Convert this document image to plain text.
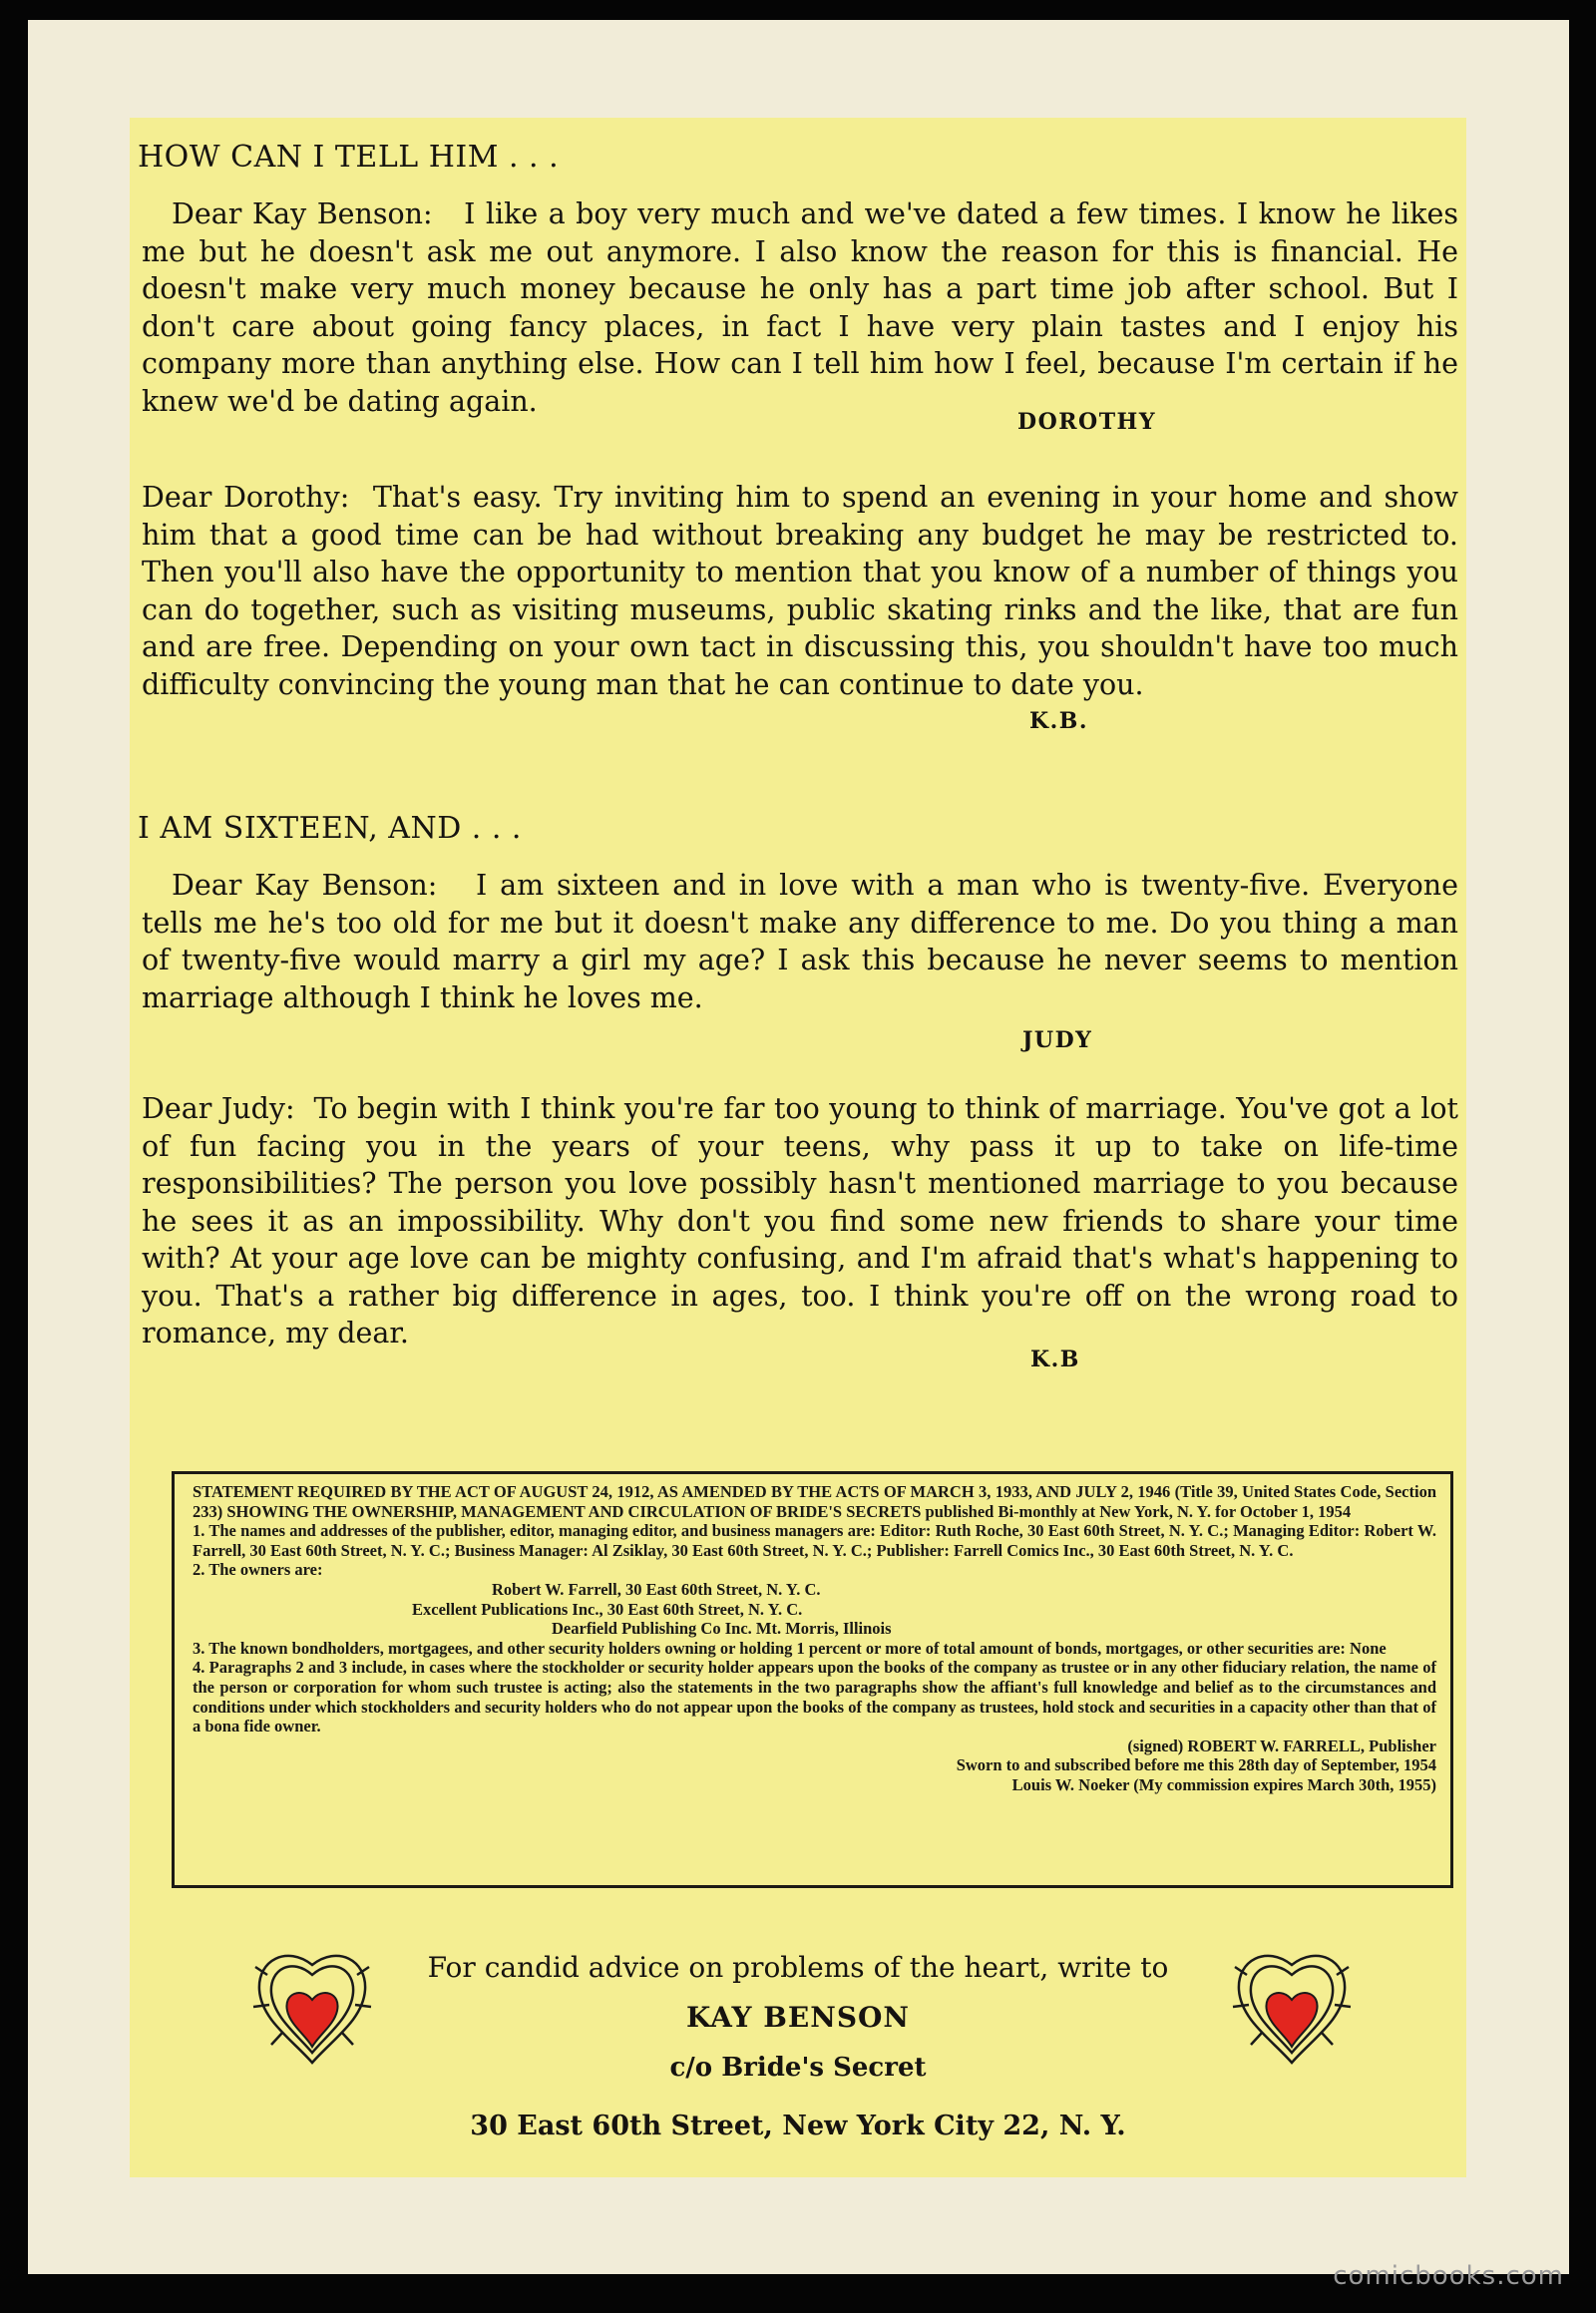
HOW CAN I TELL HIM . . .
Dear Kay Benson: I like a boy very much and we've dated a few times. I know he likes me but he doesn't ask me out anymore. I also know the reason for this is financial. He doesn't make very much money because he only has a part time job after school. But I don't care about going fancy places, in fact I have very plain tastes and I enjoy his company more than anything else. How can I tell him how I feel, because I'm certain if he knew we'd be dating again.
DOROTHY
Dear Dorothy: That's easy. Try inviting him to spend an evening in your home and show him that a good time can be had without breaking any budget he may be restricted to. Then you'll also have the opportunity to mention that you know of a number of things you can do together, such as visiting museums, public skating rinks and the like, that are fun and are free. Depending on your own tact in discussing this, you shouldn't have too much difficulty convincing the young man that he can continue to date you.
K.B.
I AM SIXTEEN, AND . . .
Dear Kay Benson: I am sixteen and in love with a man who is twenty-five. Everyone tells me he's too old for me but it doesn't make any difference to me. Do you thing a man of twenty-five would marry a girl my age? I ask this because he never seems to mention marriage although I think he loves me.
JUDY
Dear Judy: To begin with I think you're far too young to think of marriage. You've got a lot of fun facing you in the years of your teens, why pass it up to take on life-time responsibilities? The person you love possibly hasn't mentioned marriage to you because he sees it as an impossibility. Why don't you find some new friends to share your time with? At your age love can be mighty confusing, and I'm afraid that's what's happening to you. That's a rather big difference in ages, too. I think you're off on the wrong road to romance, my dear.
K.B

STATEMENT REQUIRED BY THE ACT OF AUGUST 24, 1912, AS AMENDED BY THE ACTS OF MARCH 3, 1933, AND JULY 2, 1946 (Title 39, United States Code, Section 233) SHOWING THE OWNERSHIP, MANAGEMENT AND CIRCULATION OF BRIDE'S SECRETS published Bi-monthly at New York, N. Y. for October 1, 1954

1. The names and addresses of the publisher, editor, managing editor, and business managers are: Editor: Ruth Roche, 30 East 60th Street, N. Y. C.; Managing Editor: Robert W. Farrell, 30 East 60th Street, N. Y. C.; Business Manager: Al Zsiklay, 30 East 60th Street, N. Y. C.; Publisher: Farrell Comics Inc., 30 East 60th Street, N. Y. C.

2. The owners are:

Robert W. Farrell, 30 East 60th Street, N. Y. C.
Excellent Publications Inc., 30 East 60th Street, N. Y. C.
Dearfield Publishing Co Inc. Mt. Morris, Illinois

3. The known bondholders, mortgagees, and other security holders owning or holding 1 percent or more of total amount of bonds, mortgages, or other securities are: None

4. Paragraphs 2 and 3 include, in cases where the stockholder or security holder appears upon the books of the company as trustee or in any other fiduciary relation, the name of the person or corporation for whom such trustee is acting; also the statements in the two paragraphs show the affiant's full knowledge and belief as to the circumstances and conditions under which stockholders and security holders who do not appear upon the books of the company as trustees, hold stock and securities in a capacity other than that of a bona fide owner.

(signed) ROBERT W. FARRELL, Publisher

Sworn to and subscribed before me this 28th day of September, 1954

Louis W. Noeker (My commission expires March 30th, 1955)

For candid advice on problems of the heart, write to
KAY BENSON
c/o Bride's Secret
30 East 60th Street, New York City 22, N. Y.
comicbooks.com
